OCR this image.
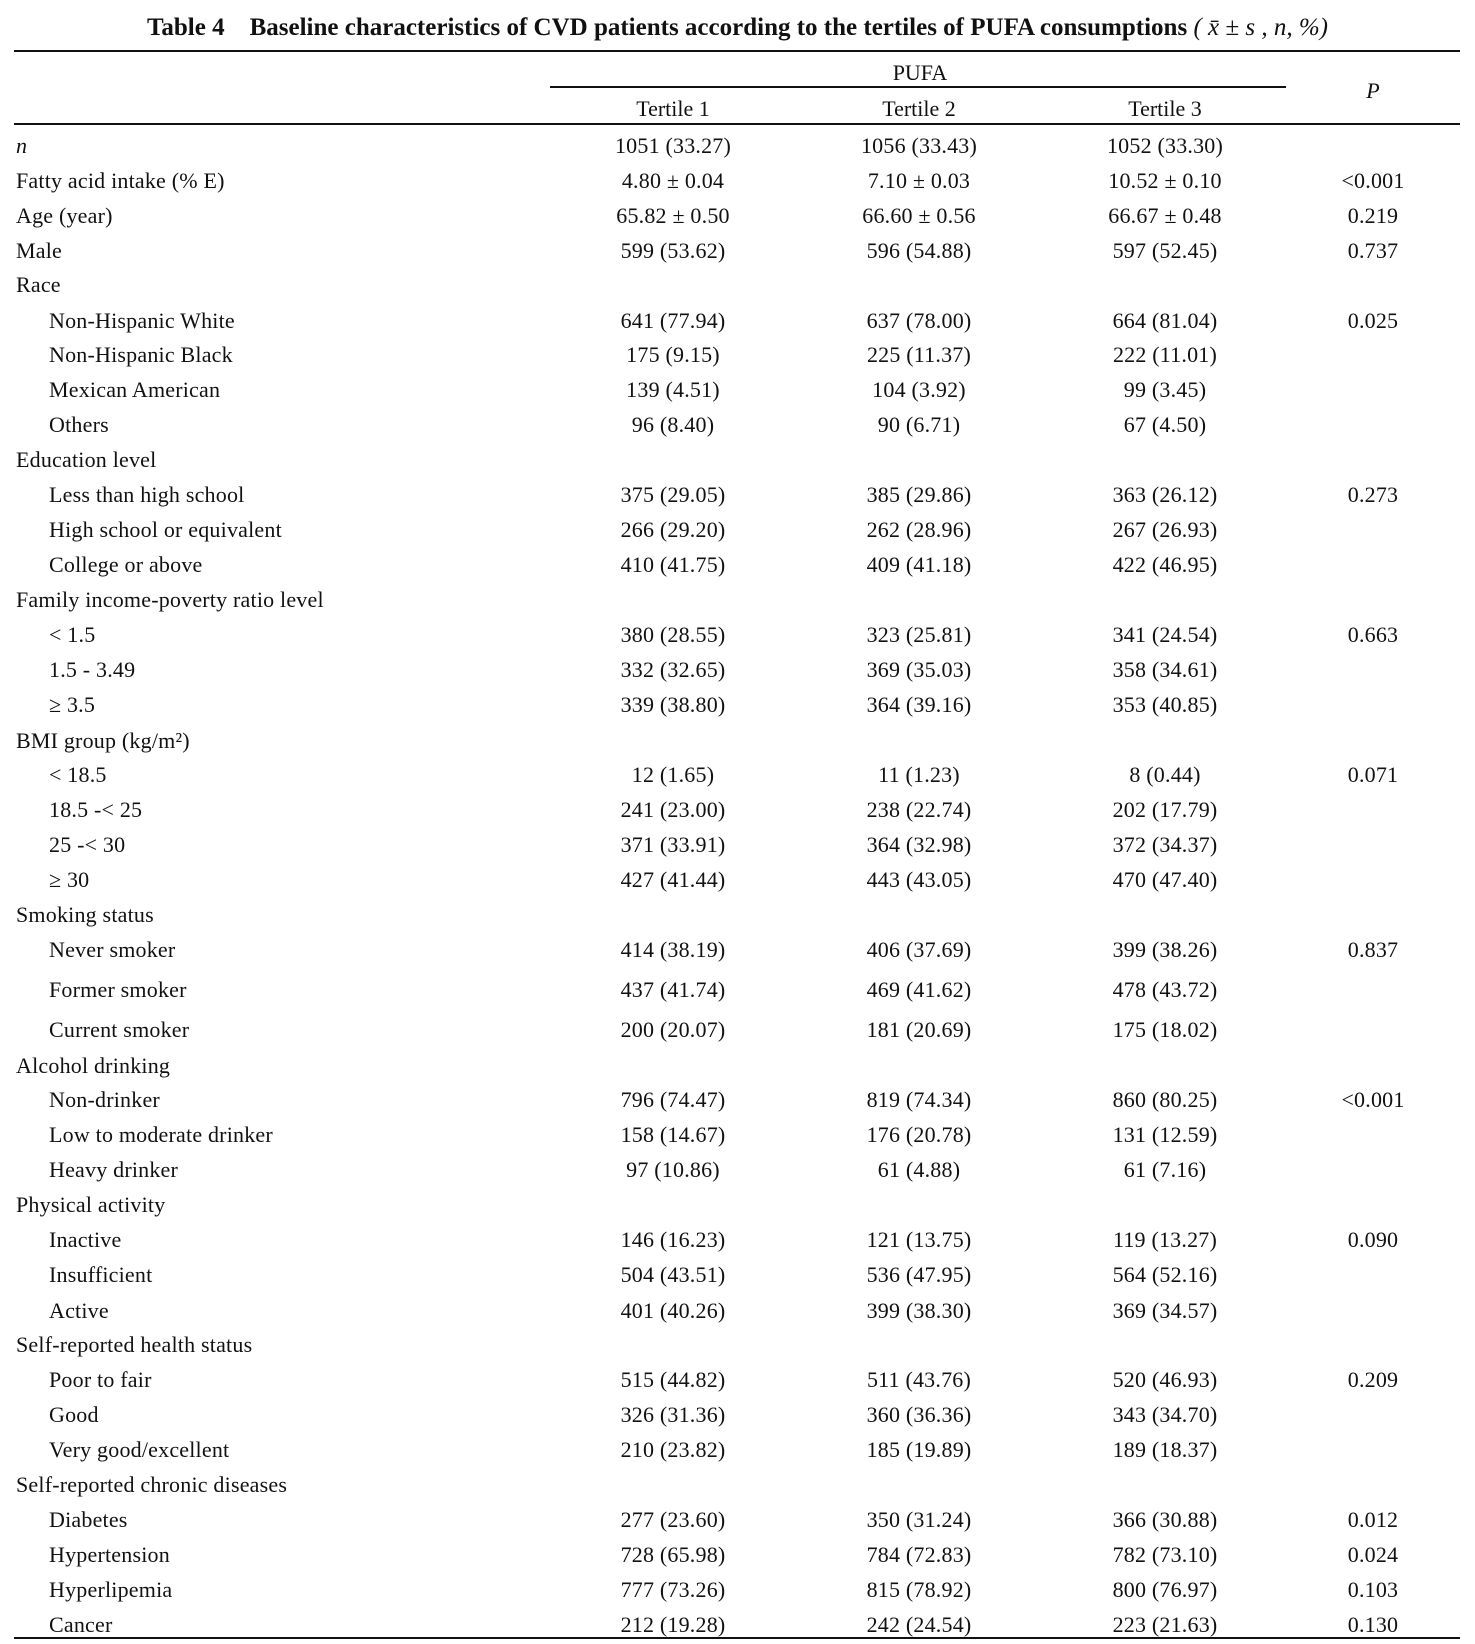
Table 4 Baseline characteristics of CVD patients according to the tertiles of PUFA consumptions ( x̄ ± s , n, %)
PUFA
P
Tertile 1	Tertile 2	Tertile 3
n	1051 (33.27)	1056 (33.43)	1052 (33.30)
Fatty acid intake (% E)	4.80 ± 0.04	7.10 ± 0.03	10.52 ± 0.10	<0.001
Age (year)	65.82 ± 0.50	66.60 ± 0.56	66.67 ± 0.48	0.219
Male	599 (53.62)	596 (54.88)	597 (52.45)	0.737
Race
Non-Hispanic White	641 (77.94)	637 (78.00)	664 (81.04)	0.025
Non-Hispanic Black	175 (9.15)	225 (11.37)	222 (11.01)
Mexican American	139 (4.51)	104 (3.92)	99 (3.45)
Others	96 (8.40)	90 (6.71)	67 (4.50)
Education level
Less than high school	375 (29.05)	385 (29.86)	363 (26.12)	0.273
High school or equivalent	266 (29.20)	262 (28.96)	267 (26.93)
College or above	410 (41.75)	409 (41.18)	422 (46.95)
Family income-poverty ratio level
< 1.5	380 (28.55)	323 (25.81)	341 (24.54)	0.663
1.5 - 3.49	332 (32.65)	369 (35.03)	358 (34.61)
≥ 3.5	339 (38.80)	364 (39.16)	353 (40.85)
BMI group (kg/m²)
< 18.5	12 (1.65)	11 (1.23)	8 (0.44)	0.071
18.5 -< 25	241 (23.00)	238 (22.74)	202 (17.79)
25 -< 30	371 (33.91)	364 (32.98)	372 (34.37)
≥ 30	427 (41.44)	443 (43.05)	470 (47.40)
Smoking status
Never smoker	414 (38.19)	406 (37.69)	399 (38.26)	0.837
Former smoker	437 (41.74)	469 (41.62)	478 (43.72)
Current smoker	200 (20.07)	181 (20.69)	175 (18.02)
Alcohol drinking
Non-drinker	796 (74.47)	819 (74.34)	860 (80.25)	<0.001
Low to moderate drinker	158 (14.67)	176 (20.78)	131 (12.59)
Heavy drinker	97 (10.86)	61 (4.88)	61 (7.16)
Physical activity
Inactive	146 (16.23)	121 (13.75)	119 (13.27)	0.090
Insufficient	504 (43.51)	536 (47.95)	564 (52.16)
Active	401 (40.26)	399 (38.30)	369 (34.57)
Self-reported health status
Poor to fair	515 (44.82)	511 (43.76)	520 (46.93)	0.209
Good	326 (31.36)	360 (36.36)	343 (34.70)
Very good/excellent	210 (23.82)	185 (19.89)	189 (18.37)
Self-reported chronic diseases
Diabetes	277 (23.60)	350 (31.24)	366 (30.88)	0.012
Hypertension	728 (65.98)	784 (72.83)	782 (73.10)	0.024
Hyperlipemia	777 (73.26)	815 (78.92)	800 (76.97)	0.103
Cancer	212 (19.28)	242 (24.54)	223 (21.63)	0.130
